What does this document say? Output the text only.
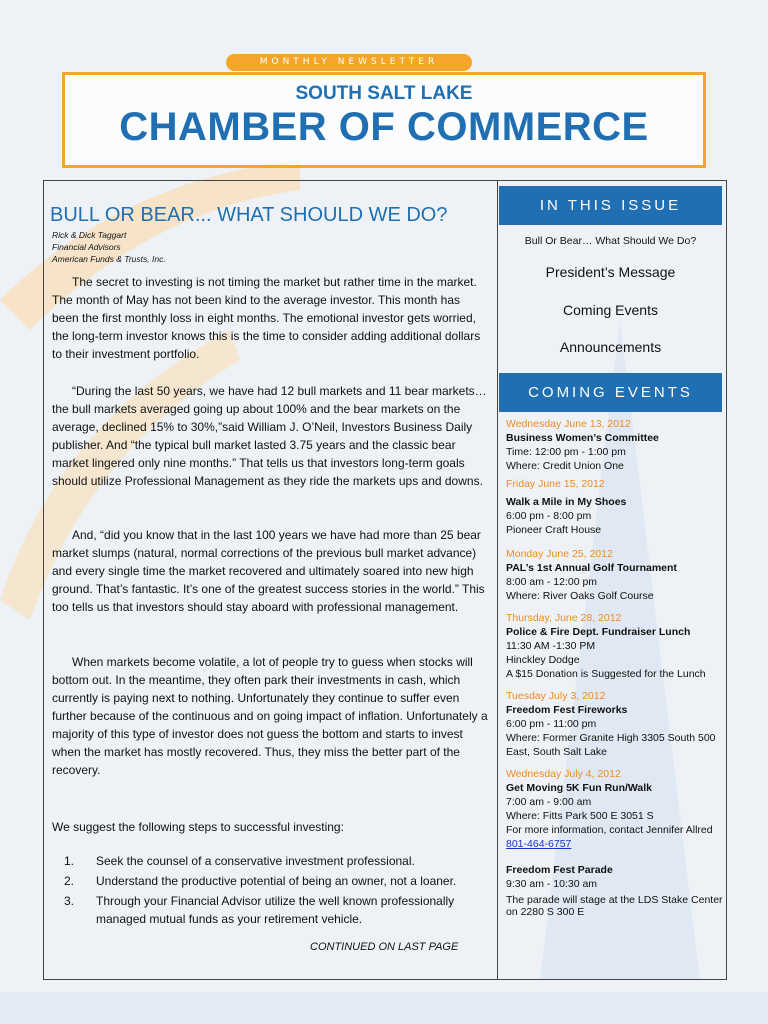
MONTHLY NEWSLETTER
SOUTH SALT LAKE
CHAMBER OF COMMERCE
BULL OR BEAR... WHAT SHOULD WE DO?
Rick & Dick Taggart
Financial Advisors
American Funds & Trusts, Inc.

The secret to investing is not timing the market but rather time in the market. The month of May has not been kind to the average investor. This month has been the first monthly loss in eight months. The emotional investor gets worried, the long-term investor knows this is the time to consider adding additional dollars to their investment portfolio.

“During the last 50 years, we have had 12 bull markets and 11 bear markets…the bull markets averaged going up about 100% and the bear markets on the average, declined 15% to 30%,”said William J. O’Neil, Investors Business Daily publisher. And “the typical bull market lasted 3.75 years and the classic bear market lingered only nine months.” That tells us that investors long-term goals should utilize Professional Management as they ride the markets ups and downs.

And, “did you know that in the last 100 years we have had more than 25 bear market slumps (natural, normal corrections of the previous bull market advance) and every single time the market recovered and ultimately soared into new high ground. That’s fantastic. It’s one of the greatest success stories in the world.” This too tells us that investors should stay aboard with professional management.

When markets become volatile, a lot of people try to guess when stocks will bottom out. In the meantime, they often park their investments in cash, which currently is paying next to nothing. Unfortunately they continue to suffer even further because of the continuous and on going impact of inflation. Unfortunately a majority of this type of investor does not guess the bottom and starts to invest when the market has mostly recovered. Thus, they miss the better part of the recovery.

We suggest the following steps to successful investing:

1. Seek the counsel of a conservative investment professional.
2. Understand the productive potential of being an owner, not a loaner.
3. Through your Financial Advisor utilize the well known professionally managed mutual funds as your retirement vehicle.
CONTINUED ON LAST PAGE
IN THIS ISSUE
Bull Or Bear… What Should We Do?
President’s Message
Coming Events
Announcements
COMING EVENTS
Wednesday June 13, 2012
Business Women’s Committee
Time: 12:00 pm - 1:00 pm
Where: Credit Union One
Friday June 15, 2012
Walk a Mile in My Shoes
6:00 pm - 8:00 pm
Pioneer Craft House
Monday June 25, 2012
PAL’s 1st Annual Golf Tournament
8:00 am - 12:00 pm
Where: River Oaks Golf Course
Thursday, June 28, 2012
Police & Fire Dept. Fundraiser Lunch
11:30 AM -1:30 PM
Hinckley Dodge
A $15 Donation is Suggested for the Lunch
Tuesday July 3, 2012
Freedom Fest Fireworks
6:00 pm - 11:00 pm
Where: Former Granite High 3305 South 500 East, South Salt Lake
Wednesday July 4, 2012
Get Moving 5K Fun Run/Walk
7:00 am - 9:00 am
Where: Fitts Park 500 E 3051 S
For more information, contact Jennifer Allred
801-464-6757
Freedom Fest Parade
9:30 am - 10:30 am
The parade will stage at the LDS Stake Center on 2280 S 300 E
